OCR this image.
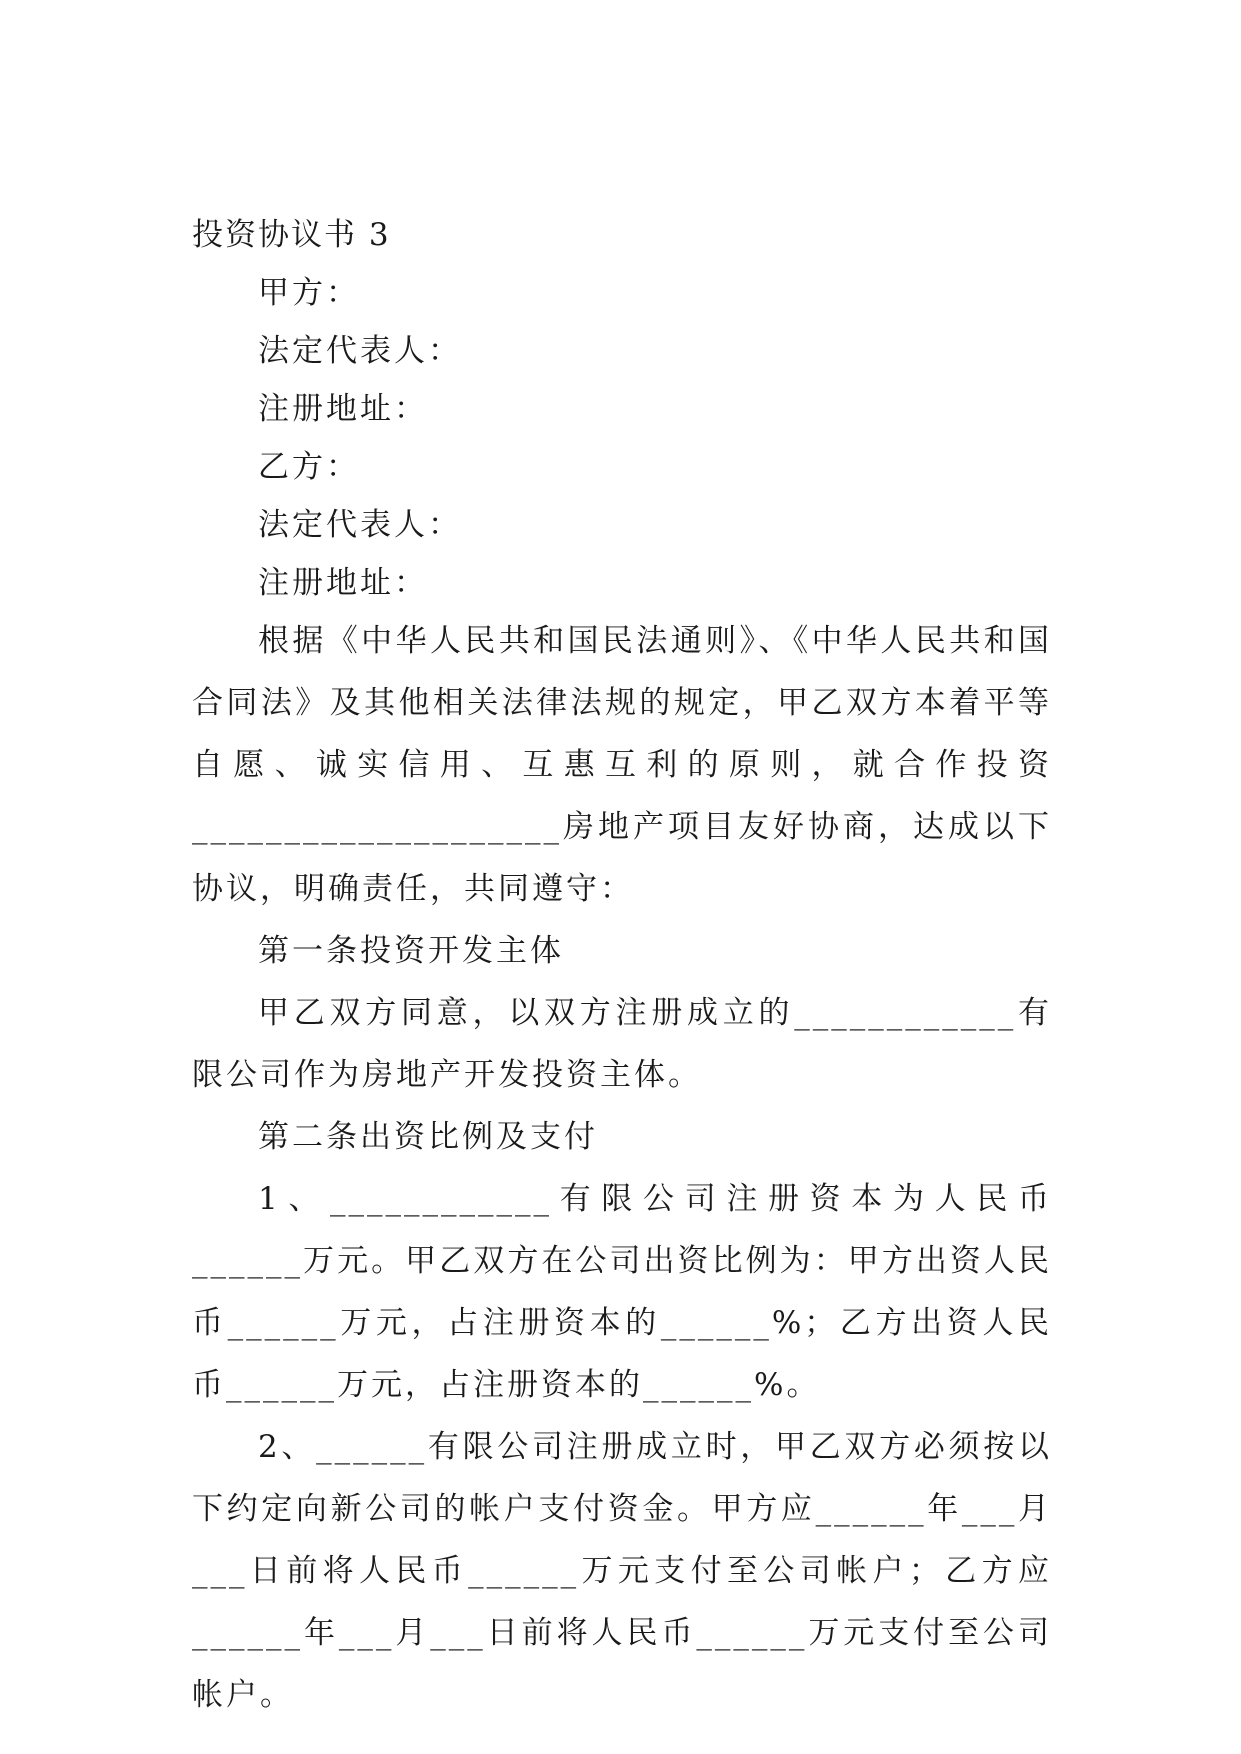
投资协议书 3
甲方：
法定代表人：
注册地址：
乙方：
法定代表人：
注册地址：

根据《中华人民共和国民法通则》、《中华人民共和国合同法》及其他相关法律法规的规定，甲乙双方本着平等自愿、诚实信用、互惠互利的原则，就合作投资____________________房地产项目友好协商，达成以下协议，明确责任，共同遵守：

第一条投资开发主体

甲乙双方同意，以双方注册成立的____________有限公司作为房地产开发投资主体。

第二条出资比例及支付

1、____________有限公司注册资本为人民币______万元。甲乙双方在公司出资比例为：甲方出资人民币______万元，占注册资本的______%；乙方出资人民币______万元，占注册资本的______%。

2、______有限公司注册成立时，甲乙双方必须按以下约定向新公司的帐户支付资金。甲方应______年___月___日前将人民币______万元支付至公司帐户；乙方应______年___月___日前将人民币______万元支付至公司帐户。
